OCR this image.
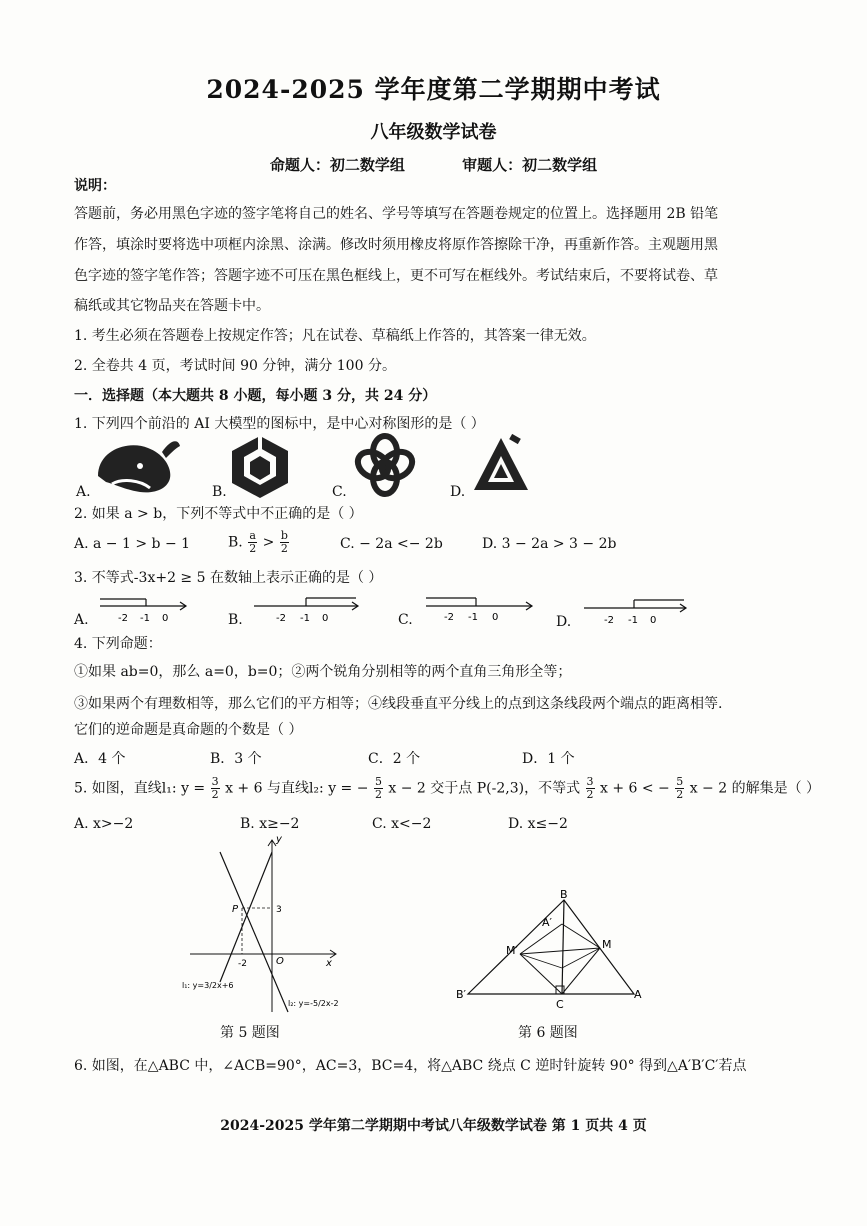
2024-2025 学年度第二学期期中考试
八年级数学试卷
命题人：初二数学组	审题人：初二数学组
说明：
答题前，务必用黑色字迹的签字笔将自己的姓名、学号等填写在答题卷规定的位置上。选择题用 2B 铅笔
作答，填涂时要将选中项框内涂黑、涂满。修改时须用橡皮将原作答擦除干净，再重新作答。主观题用黑
色字迹的签字笔作答；答题字迹不可压在黑色框线上，更不可写在框线外。考试结束后，不要将试卷、草
稿纸或其它物品夹在答题卡中。
1. 考生必须在答题卷上按规定作答；凡在试卷、草稿纸上作答的，其答案一律无效。
2. 全卷共 4 页，考试时间 90 分钟，满分 100 分。
一．选择题（本大题共 8 小题，每小题 3 分，共 24 分）
1. 下列四个前沿的 AI 大模型的图标中，是中心对称图形的是（ ）
A.	B.	C.	D.
2. 如果 a > b，下列不等式中不正确的是（ ）
A. a − 1 > b − 1	B. $\frac{a}{2} > \frac{b}{2}$	C. − 2a <− 2b	D. 3 − 2a > 3 − 2b
3. 不等式-3x+2 ≥ 5 在数轴上表示正确的是（ ）
-2 -1 0
A.	-2 -1 0
B.	-2 -1 0
C.	-2 -1 0
D.
4. 下列命题：
①如果 ab=0，那么 a=0，b=0；②两个锐角分别相等的两个直角三角形全等；
③如果两个有理数相等，那么它们的平方相等；④线段垂直平分线上的点到这条线段两个端点的距离相等.
它们的逆命题是真命题的个数是（ ）
A．4 个	B．3 个	C．2 个	D．1 个
5. 如图，直线l₁: $y = \frac{3}{2}$ x + 6 与直线l₂: y = − $\frac{5}{2}$ x − 2 交于点 P(-2,3)，不等式 $\frac{3}{2}$ x + 6 < − $\frac{5}{2}$ x − 2 的解集是（ ）
A. x>−2	B. x≥−2	C. x<−2	D. x≤−2
y
x
O
P
-2
3
l₁: y=3/2x+6
l₂: y=-5/2x-2
第 5 题图
B
A′
M′	M
B′
C
A
第 6 题图
6. 如图，在△ABC 中，∠ACB=90°，AC=3，BC=4，将△ABC 绕点 C 逆时针旋转 90° 得到△A′B′C′若点
2024-2025 学年第二学期期中考试八年级数学试卷 第 1 页共 4 页
